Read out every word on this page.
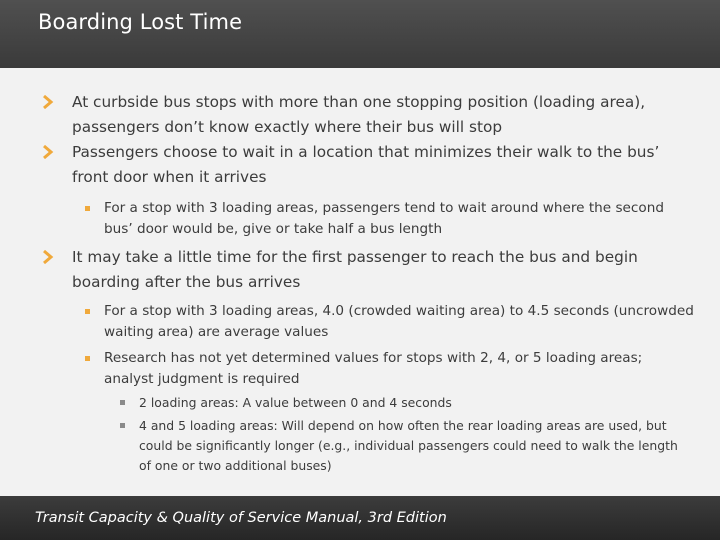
Boarding Lost Time
At curbside bus stops with more than one stopping position (loading area), passengers don’t know exactly where their bus will stop
Passengers choose to wait in a location that minimizes their walk to the bus’ front door when it arrives
For a stop with 3 loading areas, passengers tend to wait around where the second bus’ door would be, give or take half a bus length
It may take a little time for the first passenger to reach the bus and begin boarding after the bus arrives
For a stop with 3 loading areas, 4.0 (crowded waiting area) to 4.5 seconds (uncrowded waiting area) are average values
Research has not yet determined values for stops with 2, 4, or 5 loading areas; analyst judgment is required
2 loading areas: A value between 0 and 4 seconds
4 and 5 loading areas: Will depend on how often the rear loading areas are used, but could be significantly longer (e.g., individual passengers could need to walk the length of one or two additional buses)
Transit Capacity & Quality of Service Manual, 3rd Edition
